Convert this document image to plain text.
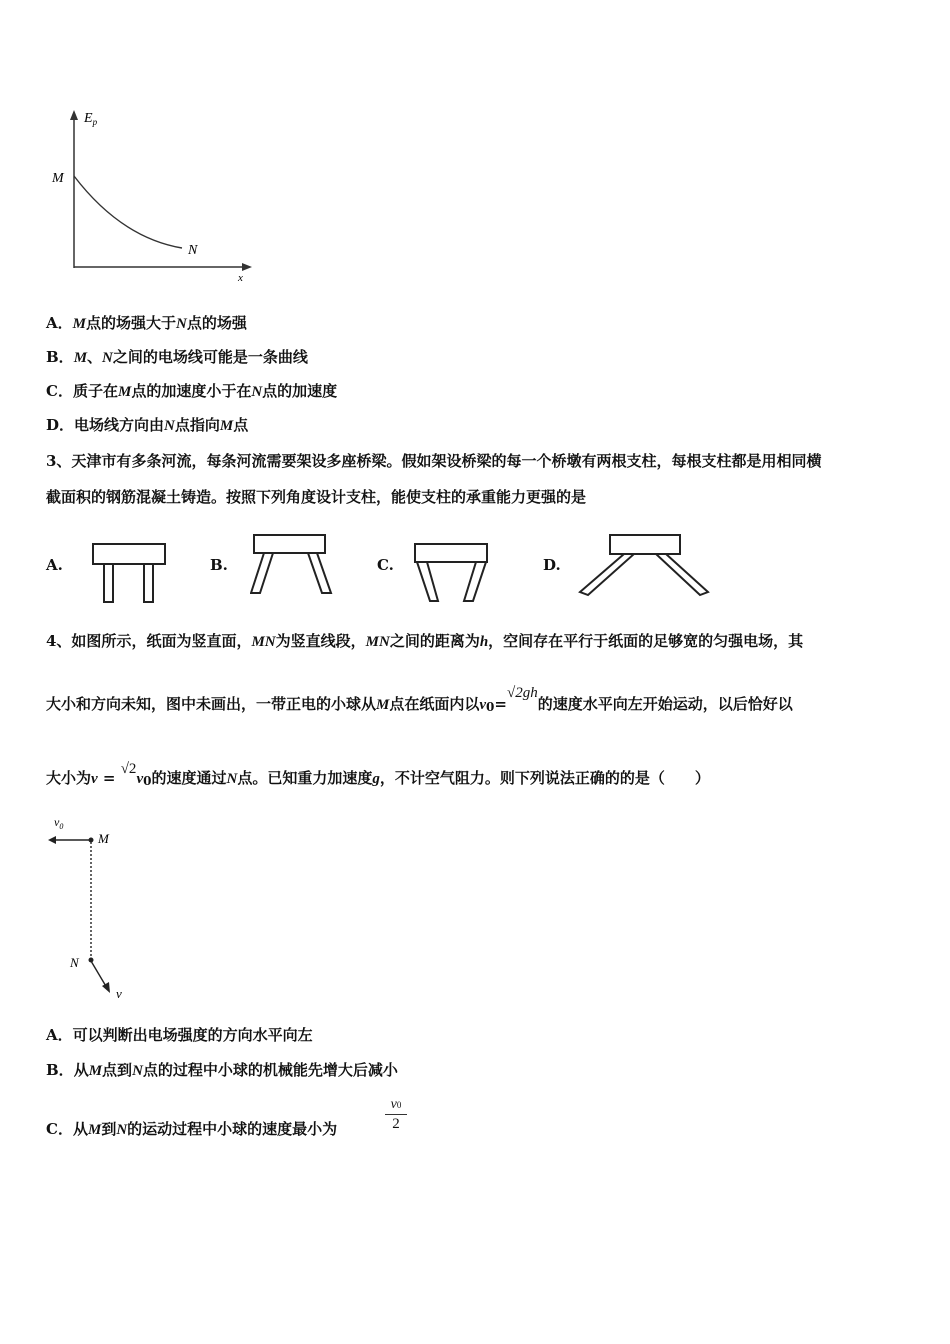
$E_p$
x
M
N
A．M点的场强大于N点的场强
B．M、N之间的电场线可能是一条曲线
C．质子在M点的加速度小于在N点的加速度
D．电场线方向由N点指向M点
3、天津市有多条河流，每条河流需要架设多座桥梁。假如架设桥梁的每一个桥墩有两根支柱，每根支柱都是用相同横
截面积的钢筋混凝土铸造。按照下列角度设计支柱，能使支柱的承重能力更强的是
A.	B.	C.	D.
4、如图所示，纸面为竖直面，MN为竖直线段，MN之间的距离为h，空间存在平行于纸面的足够宽的匀强电场，其
大小和方向未知，图中未画出，一带正电的小球从M点在纸面内以v0=√2gh的速度水平向左开始运动，以后恰好以
大小为v = √2v0的速度通过N点。已知重力加速度g，不计空气阻力。则下列说法正确的的是（　　）
$v_0$
M
N
v
A．可以判断出电场强度的方向水平向左
B．从M点到N点的过程中小球的机械能先增大后减小
C．从M到N的运动过程中小球的速度最小为
v0
2
